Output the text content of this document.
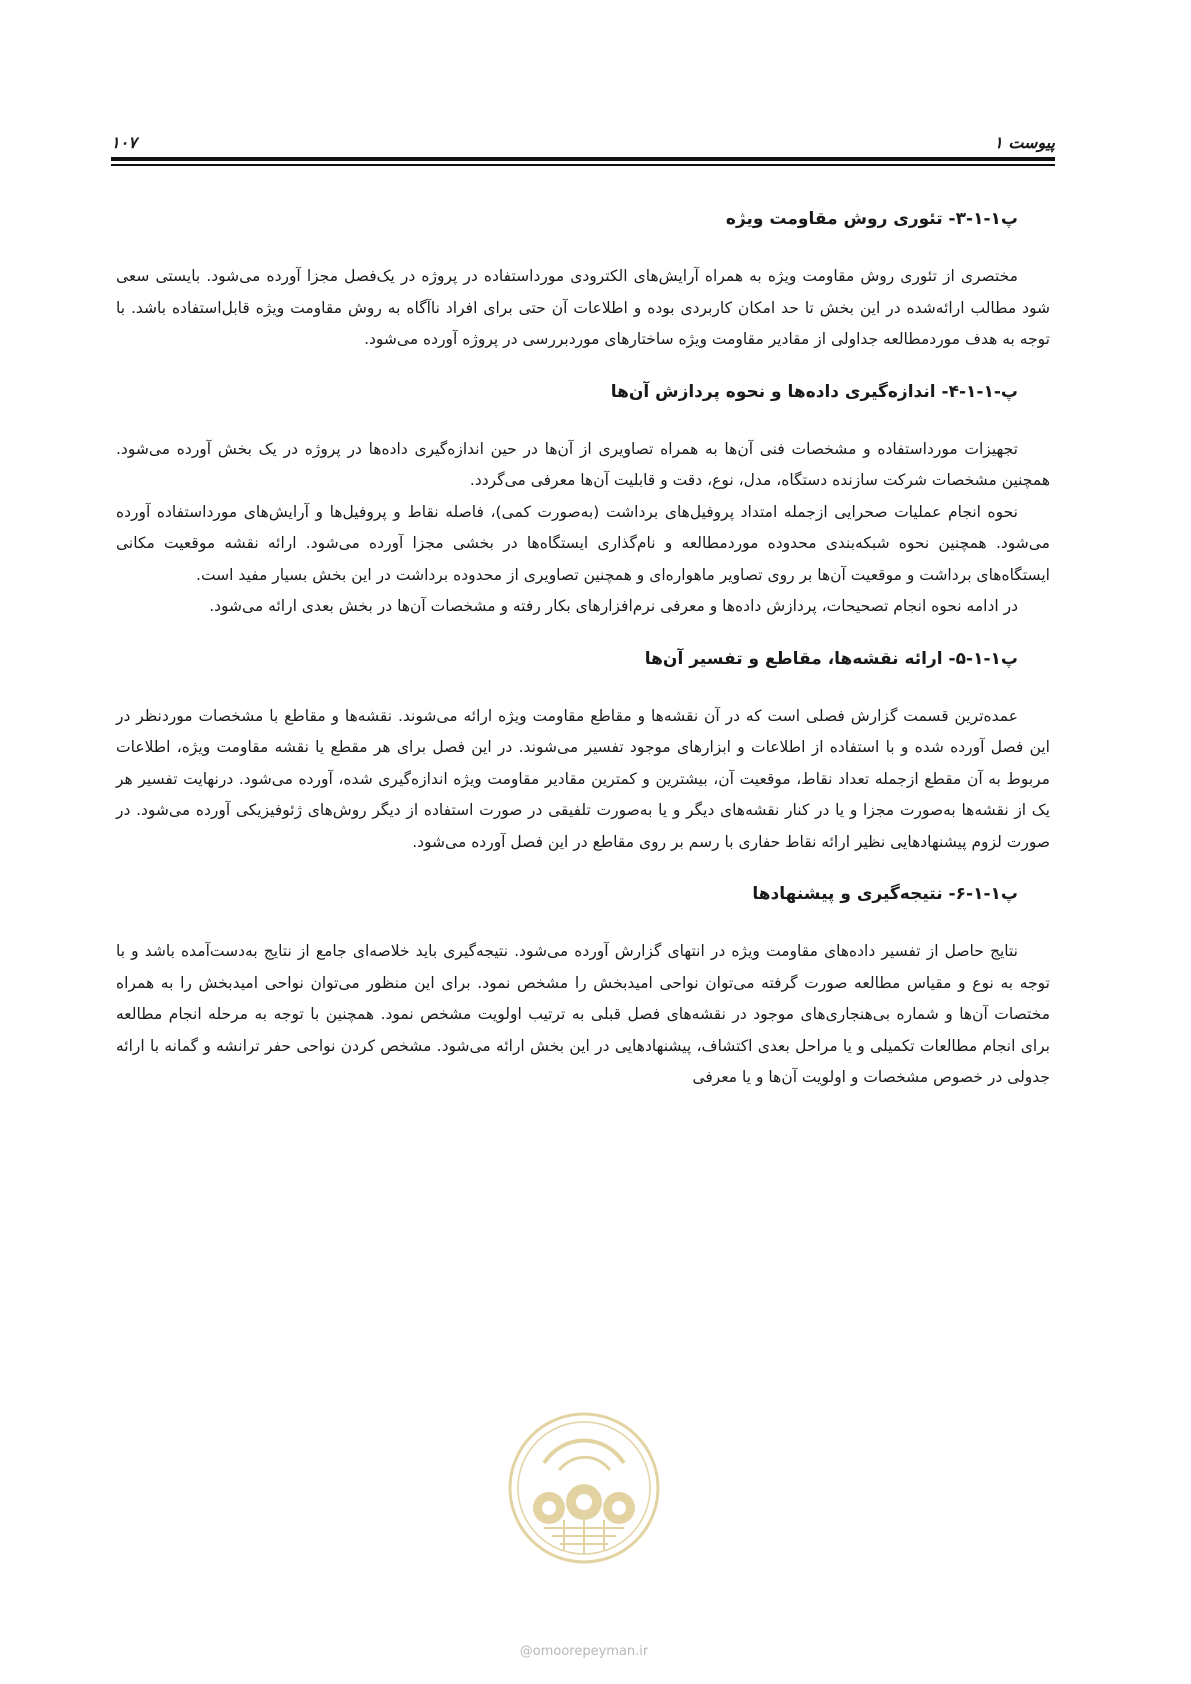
پیوست ۱
۱۰۷
پ۱-۱-۳- تئوری روش مقاومت ویژه

مختصری از تئوری روش مقاومت ویژه به همراه آرایش‌های الکترودی مورداستفاده در پروژه در یک‌فصل مجزا آورده می‌شود. بایستی سعی شود مطالب ارائه‌شده در این بخش تا حد امکان کاربردی بوده و اطلاعات آن حتی برای افراد ناآگاه به روش مقاومت ویژه قابل‌استفاده باشد. با توجه به هدف موردمطالعه جداولی از مقادیر مقاومت ویژه ساختارهای موردبررسی در پروژه آورده می‌شود.

پ-۱-۱-۴- اندازه‌گیری داده‌ها و نحوه پردازش آن‌ها

تجهیزات مورداستفاده و مشخصات فنی آن‌ها به همراه تصاویری از آن‌ها در حین اندازه‌گیری داده‌ها در پروژه در یک بخش آورده می‌شود. همچنین مشخصات شرکت سازنده دستگاه، مدل، نوع، دقت و قابلیت آن‌ها معرفی می‌گردد.

نحوه انجام عملیات صحرایی ازجمله امتداد پروفیل‌های برداشت (به‌صورت کمی)، فاصله نقاط و پروفیل‌ها و آرایش‌های مورداستفاده آورده می‌شود. همچنین نحوه شبکه‌بندی محدوده موردمطالعه و نام‌گذاری ایستگاه‌ها در بخشی مجزا آورده می‌شود. ارائه نقشه موقعیت مکانی ایستگاه‌های برداشت و موقعیت آن‌ها بر روی تصاویر ماهواره‌ای و همچنین تصاویری از محدوده برداشت در این بخش بسیار مفید است.

در ادامه نحوه انجام تصحیحات، پردازش داده‌ها و معرفی نرم‌افزارهای بکار رفته و مشخصات آن‌ها در بخش بعدی ارائه می‌شود.

پ۱-۱-۵- ارائه نقشه‌ها، مقاطع و تفسیر آن‌ها

عمده‌ترین قسمت گزارش فصلی است که در آن نقشه‌ها و مقاطع مقاومت ویژه ارائه می‌شوند. نقشه‌ها و مقاطع با مشخصات موردنظر در این فصل آورده شده و با استفاده از اطلاعات و ابزارهای موجود تفسیر می‌شوند. در این فصل برای هر مقطع یا نقشه مقاومت ویژه، اطلاعات مربوط به آن مقطع ازجمله تعداد نقاط، موقعیت آن، بیشترین و کمترین مقادیر مقاومت ویژه اندازه‌گیری شده، آورده می‌شود. درنهایت تفسیر هر یک از نقشه‌ها به‌صورت مجزا و یا در کنار نقشه‌های دیگر و یا به‌صورت تلفیقی در صورت استفاده از دیگر روش‌های ژئوفیزیکی آورده می‌شود. در صورت لزوم پیشنهادهایی نظیر ارائه نقاط حفاری با رسم بر روی مقاطع در این فصل آورده می‌شود.

پ۱-۱-۶- نتیجه‌گیری و پیشنهادها

نتایج حاصل از تفسیر داده‌های مقاومت ویژه در انتهای گزارش آورده می‌شود. نتیجه‌گیری باید خلاصه‌ای جامع از نتایج به‌دست‌آمده باشد و با توجه به نوع و مقیاس مطالعه صورت گرفته می‌توان نواحی امیدبخش را مشخص نمود. برای این منظور می‌توان نواحی امیدبخش را به همراه مختصات آن‌ها و شماره بی‌هنجاری‌های موجود در نقشه‌های فصل قبلی به ترتیب اولویت مشخص نمود. همچنین با توجه به مرحله انجام مطالعه برای انجام مطالعات تکمیلی و یا مراحل بعدی اکتشاف، پیشنهادهایی در این بخش ارائه می‌شود. مشخص کردن نواحی حفر ترانشه و گمانه با ارائه جدولی در خصوص مشخصات و اولویت آن‌ها و یا معرفی

@omoorepeyman.ir
